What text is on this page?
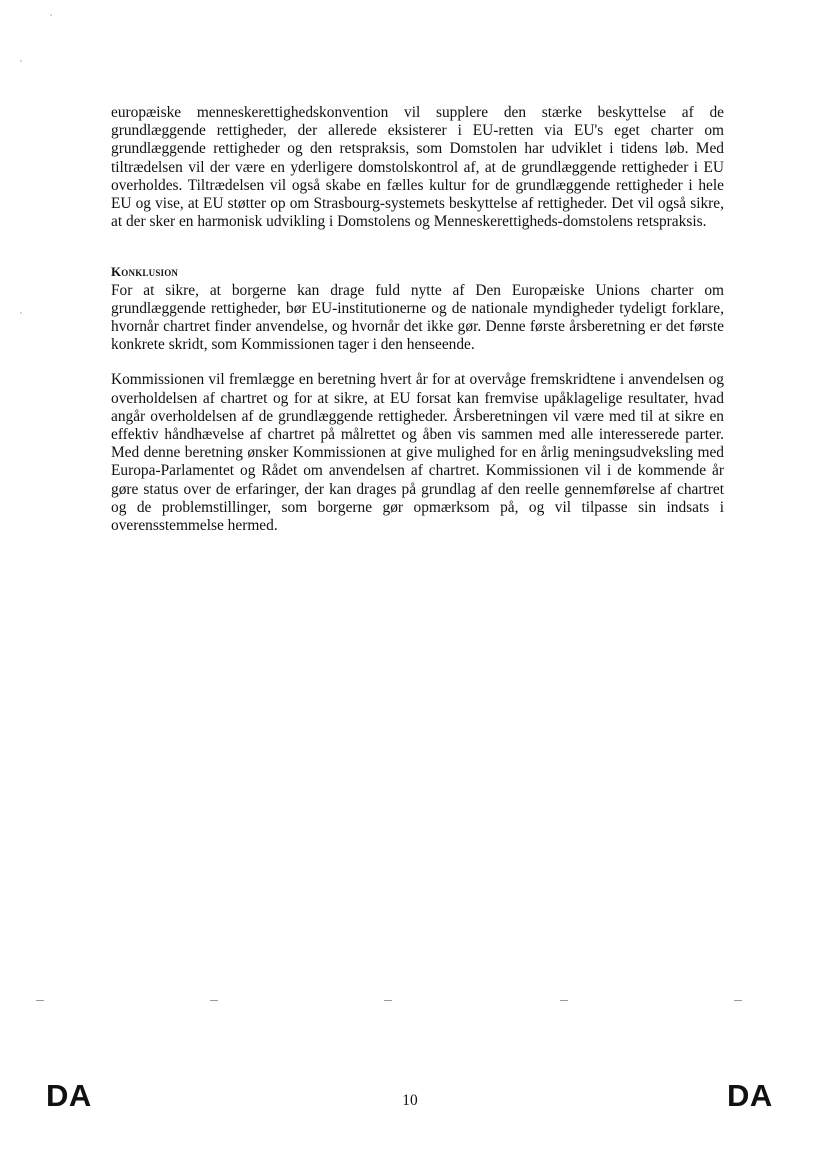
europæiske menneskerettighedskonvention vil supplere den stærke beskyttelse af de grundlæggende rettigheder, der allerede eksisterer i EU-retten via EU's eget charter om grundlæggende rettigheder og den retspraksis, som Domstolen har udviklet i tidens løb. Med tiltrædelsen vil der være en yderligere domstolskontrol af, at de grundlæggende rettigheder i EU overholdes. Tiltrædelsen vil også skabe en fælles kultur for de grundlæggende rettigheder i hele EU og vise, at EU støtter op om Strasbourg-systemets beskyttelse af rettigheder. Det vil også sikre, at der sker en harmonisk udvikling i Domstolens og Menneskerettigheds-domstolens retspraksis.

Konklusion

For at sikre, at borgerne kan drage fuld nytte af Den Europæiske Unions charter om grundlæggende rettigheder, bør EU-institutionerne og de nationale myndigheder tydeligt forklare, hvornår chartret finder anvendelse, og hvornår det ikke gør. Denne første årsberetning er det første konkrete skridt, som Kommissionen tager i den henseende.

Kommissionen vil fremlægge en beretning hvert år for at overvåge fremskridtene i anvendelsen og overholdelsen af chartret og for at sikre, at EU forsat kan fremvise upåklagelige resultater, hvad angår overholdelsen af de grundlæggende rettigheder. Årsberetningen vil være med til at sikre en effektiv håndhævelse af chartret på målrettet og åben vis sammen med alle interesserede parter. Med denne beretning ønsker Kommissionen at give mulighed for en årlig meningsudveksling med Europa-Parlamentet og Rådet om anvendelsen af chartret. Kommissionen vil i de kommende år gøre status over de erfaringer, der kan drages på grundlag af den reelle gennemførelse af chartret og de problemstillinger, som borgerne gør opmærksom på, og vil tilpasse sin indsats i overensstemmelse hermed.

DA	10	DA
